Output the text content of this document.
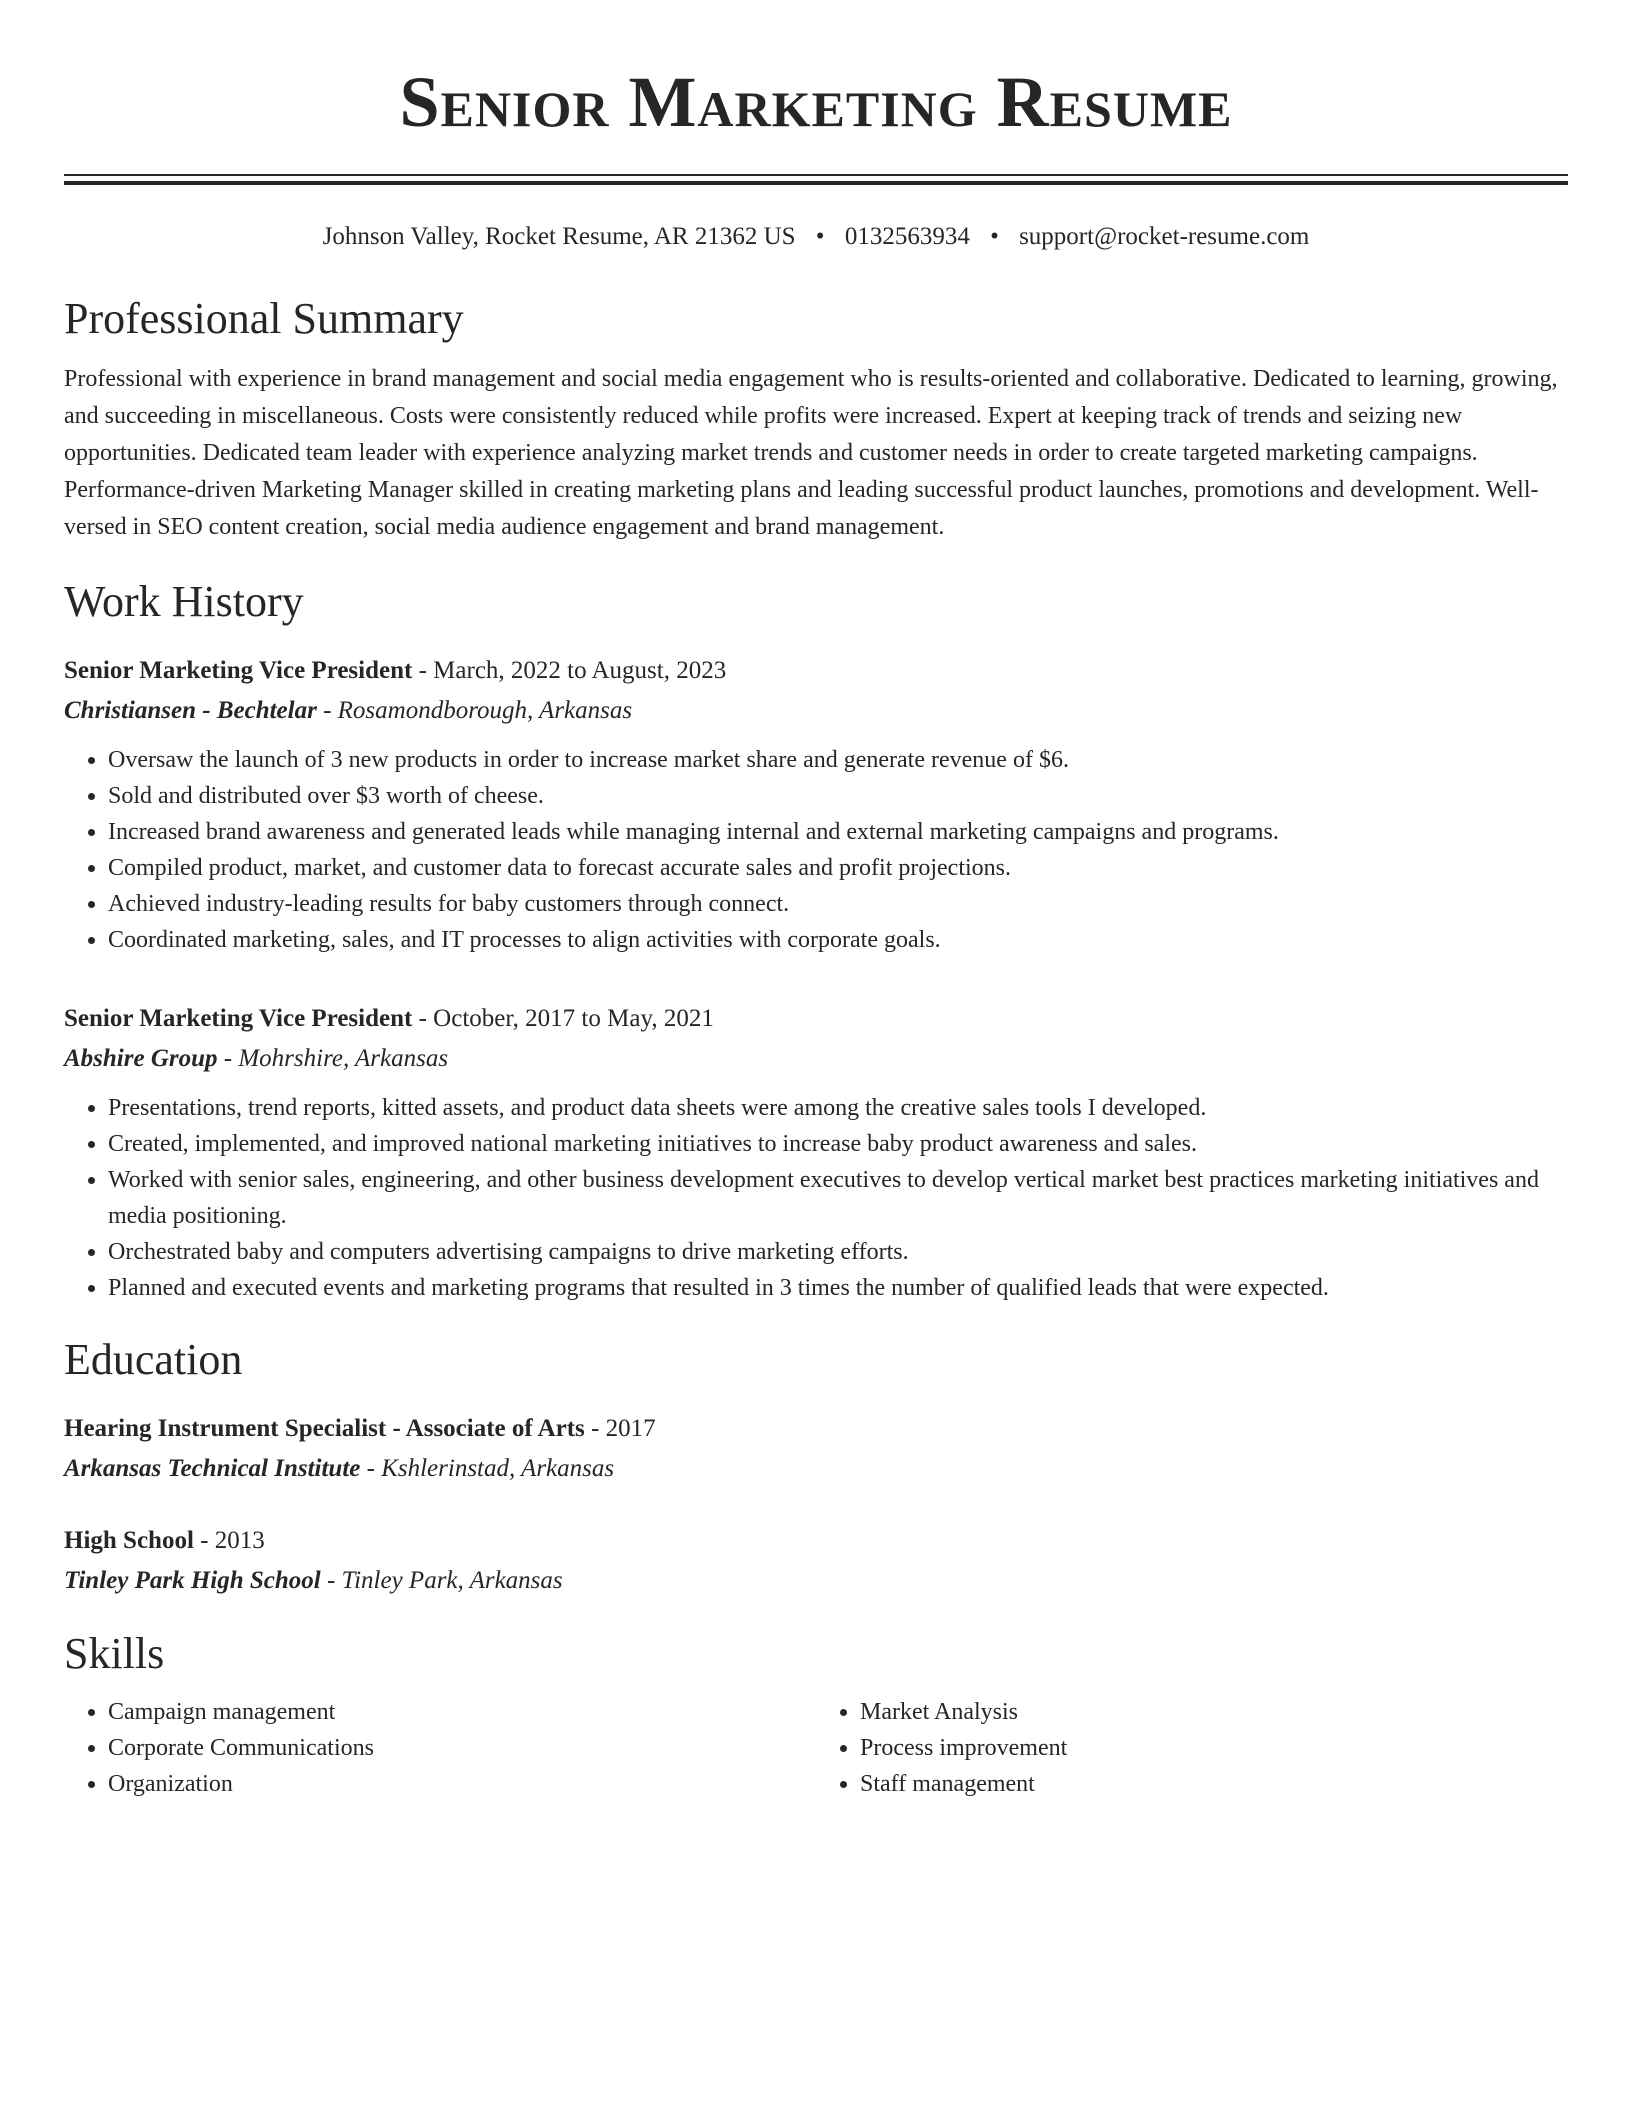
Senior Marketing Resume
Johnson Valley, Rocket Resume, AR 21362 US • 0132563934 • support@rocket-resume.com
Professional Summary

Professional with experience in brand management and social media engagement who is results-oriented and collaborative. Dedicated to learning, growing, and succeeding in miscellaneous. Costs were consistently reduced while profits were increased. Expert at keeping track of trends and seizing new opportunities. Dedicated team leader with experience analyzing market trends and customer needs in order to create targeted marketing campaigns. Performance-driven Marketing Manager skilled in creating marketing plans and leading successful product launches, promotions and development. Well-versed in SEO content creation, social media audience engagement and brand management.

Work History
Senior Marketing Vice President - March, 2022 to August, 2023
Christiansen - Bechtelar - Rosamondborough, Arkansas
• Oversaw the launch of 3 new products in order to increase market share and generate revenue of $6.
• Sold and distributed over $3 worth of cheese.
• Increased brand awareness and generated leads while managing internal and external marketing campaigns and programs.
• Compiled product, market, and customer data to forecast accurate sales and profit projections.
• Achieved industry-leading results for baby customers through connect.
• Coordinated marketing, sales, and IT processes to align activities with corporate goals.
Senior Marketing Vice President - October, 2017 to May, 2021
Abshire Group - Mohrshire, Arkansas
• Presentations, trend reports, kitted assets, and product data sheets were among the creative sales tools I developed.
• Created, implemented, and improved national marketing initiatives to increase baby product awareness and sales.
• Worked with senior sales, engineering, and other business development executives to develop vertical market best practices marketing initiatives and media positioning.
• Orchestrated baby and computers advertising campaigns to drive marketing efforts.
• Planned and executed events and marketing programs that resulted in 3 times the number of qualified leads that were expected.
Education
Hearing Instrument Specialist - Associate of Arts - 2017
Arkansas Technical Institute - Kshlerinstad, Arkansas
High School - 2013
Tinley Park High School - Tinley Park, Arkansas
Skills
• Campaign management
• Corporate Communications
• Organization
• Market Analysis
• Process improvement
• Staff management
